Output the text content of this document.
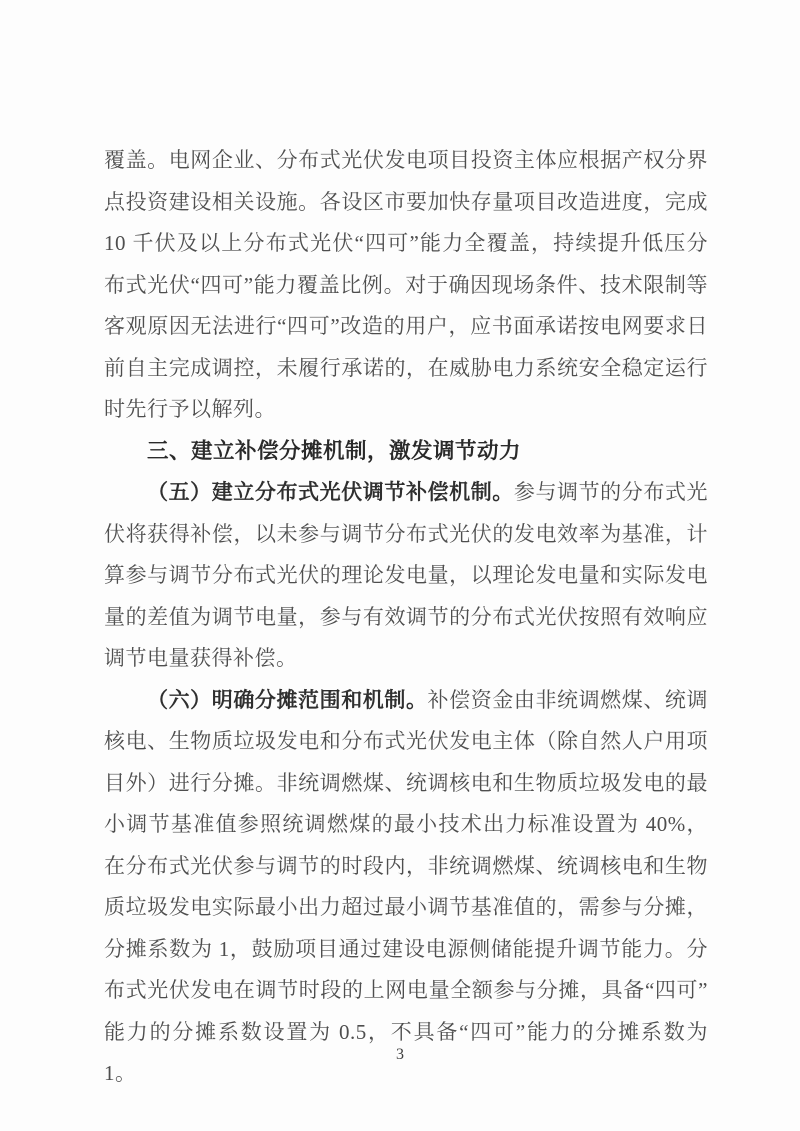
覆盖。电网企业、分布式光伏发电项目投资主体应根据产权分界点投资建设相关设施。各设区市要加快存量项目改造进度，完成 10 千伏及以上分布式光伏“四可”能力全覆盖，持续提升低压分布式光伏“四可”能力覆盖比例。对于确因现场条件、技术限制等客观原因无法进行“四可”改造的用户，应书面承诺按电网要求日前自主完成调控，未履行承诺的，在威胁电力系统安全稳定运行时先行予以解列。

三、建立补偿分摊机制，激发调节动力

（五）建立分布式光伏调节补偿机制。参与调节的分布式光伏将获得补偿，以未参与调节分布式光伏的发电效率为基准，计算参与调节分布式光伏的理论发电量，以理论发电量和实际发电量的差值为调节电量，参与有效调节的分布式光伏按照有效响应调节电量获得补偿。

（六）明确分摊范围和机制。补偿资金由非统调燃煤、统调核电、生物质垃圾发电和分布式光伏发电主体（除自然人户用项目外）进行分摊。非统调燃煤、统调核电和生物质垃圾发电的最小调节基准值参照统调燃煤的最小技术出力标准设置为 40%，在分布式光伏参与调节的时段内，非统调燃煤、统调核电和生物质垃圾发电实际最小出力超过最小调节基准值的，需参与分摊，分摊系数为 1，鼓励项目通过建设电源侧储能提升调节能力。分布式光伏发电在调节时段的上网电量全额参与分摊，具备“四可”能力的分摊系数设置为 0.5，不具备“四可”能力的分摊系数为 1。

3
